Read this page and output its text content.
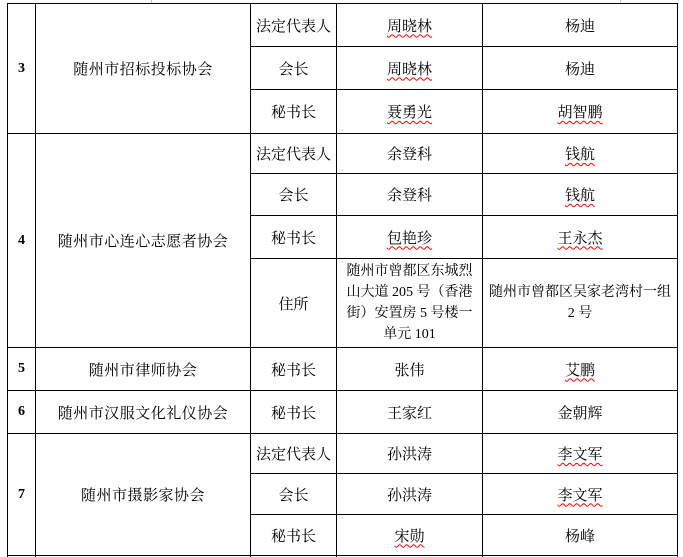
3	随州市招标投标协会	法定代表人	周晓林	杨迪
		会长	周晓林	杨迪
		秘书长	聂勇光	胡智鹏
4	随州市心连心志愿者协会	法定代表人	余登科	钱航
		会长	余登科	钱航
		秘书长	包艳珍	王永杰
		住所	随州市曾都区东城烈山大道 205 号（香港街）安置房 5 号楼一单元 101	随州市曾都区吴家老湾村一组 2 号
5	随州市律师协会	秘书长	张伟	艾鹏
6	随州市汉服文化礼仪协会	秘书长	王家红	金朝辉
7	随州市摄影家协会	法定代表人	孙洪涛	李文军
		会长	孙洪涛	李文军
		秘书长	宋勋	杨峰
